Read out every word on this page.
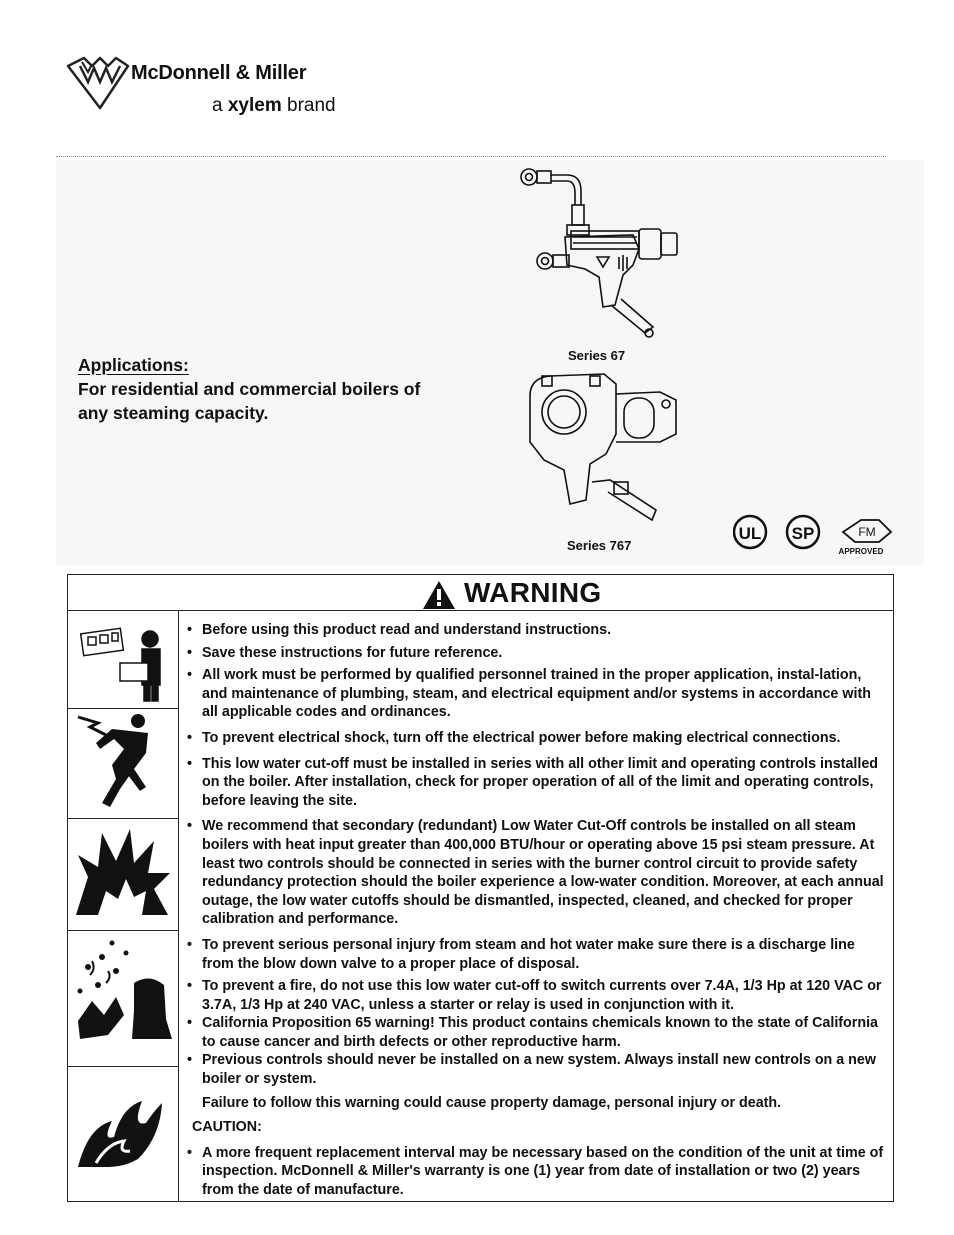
McDonnell & Miller
a xylem brand
Applications:
For residential and commercial boilers of
any steaming capacity.
Series 67
Series 767
UL SP	FM
APPROVED
WARNING
• Before using this product read and understand instructions.
• Save these instructions for future reference.
• All work must be performed by qualified personnel trained in the proper application, instal-lation, and maintenance of plumbing, steam, and electrical equipment and/or systems in accordance with all applicable codes and ordinances.
• To prevent electrical shock, turn off the electrical power before making electrical connections.
• This low water cut-off must be installed in series with all other limit and operating controls installed on the boiler. After installation, check for proper operation of all of the limit and operating controls, before leaving the site.
• We recommend that secondary (redundant) Low Water Cut-Off controls be installed on all steam boilers with heat input greater than 400,000 BTU/hour or operating above 15 psi steam pressure. At least two controls should be connected in series with the burner control circuit to provide safety redundancy protection should the boiler experience a low-water condition. Moreover, at each annual outage, the low water cutoffs should be dismantled, inspected, cleaned, and checked for proper calibration and performance.
• To prevent serious personal injury from steam and hot water make sure there is a discharge line from the blow down valve to a proper place of disposal.
• To prevent a fire, do not use this low water cut-off to switch currents over 7.4A, 1/3 Hp at 120 VAC or 3.7A, 1/3 Hp at 240 VAC, unless a starter or relay is used in conjunction with it.
• California Proposition 65 warning! This product contains chemicals known to the state of California to cause cancer and birth defects or other reproductive harm.
• Previous controls should never be installed on a new system. Always install new controls on a new boiler or system.
Failure to follow this warning could cause property damage, personal injury or death.
CAUTION:
• A more frequent replacement interval may be necessary based on the condition of the unit at time of inspection. McDonnell & Miller's warranty is one (1) year from date of installation or two (2) years from the date of manufacture.
